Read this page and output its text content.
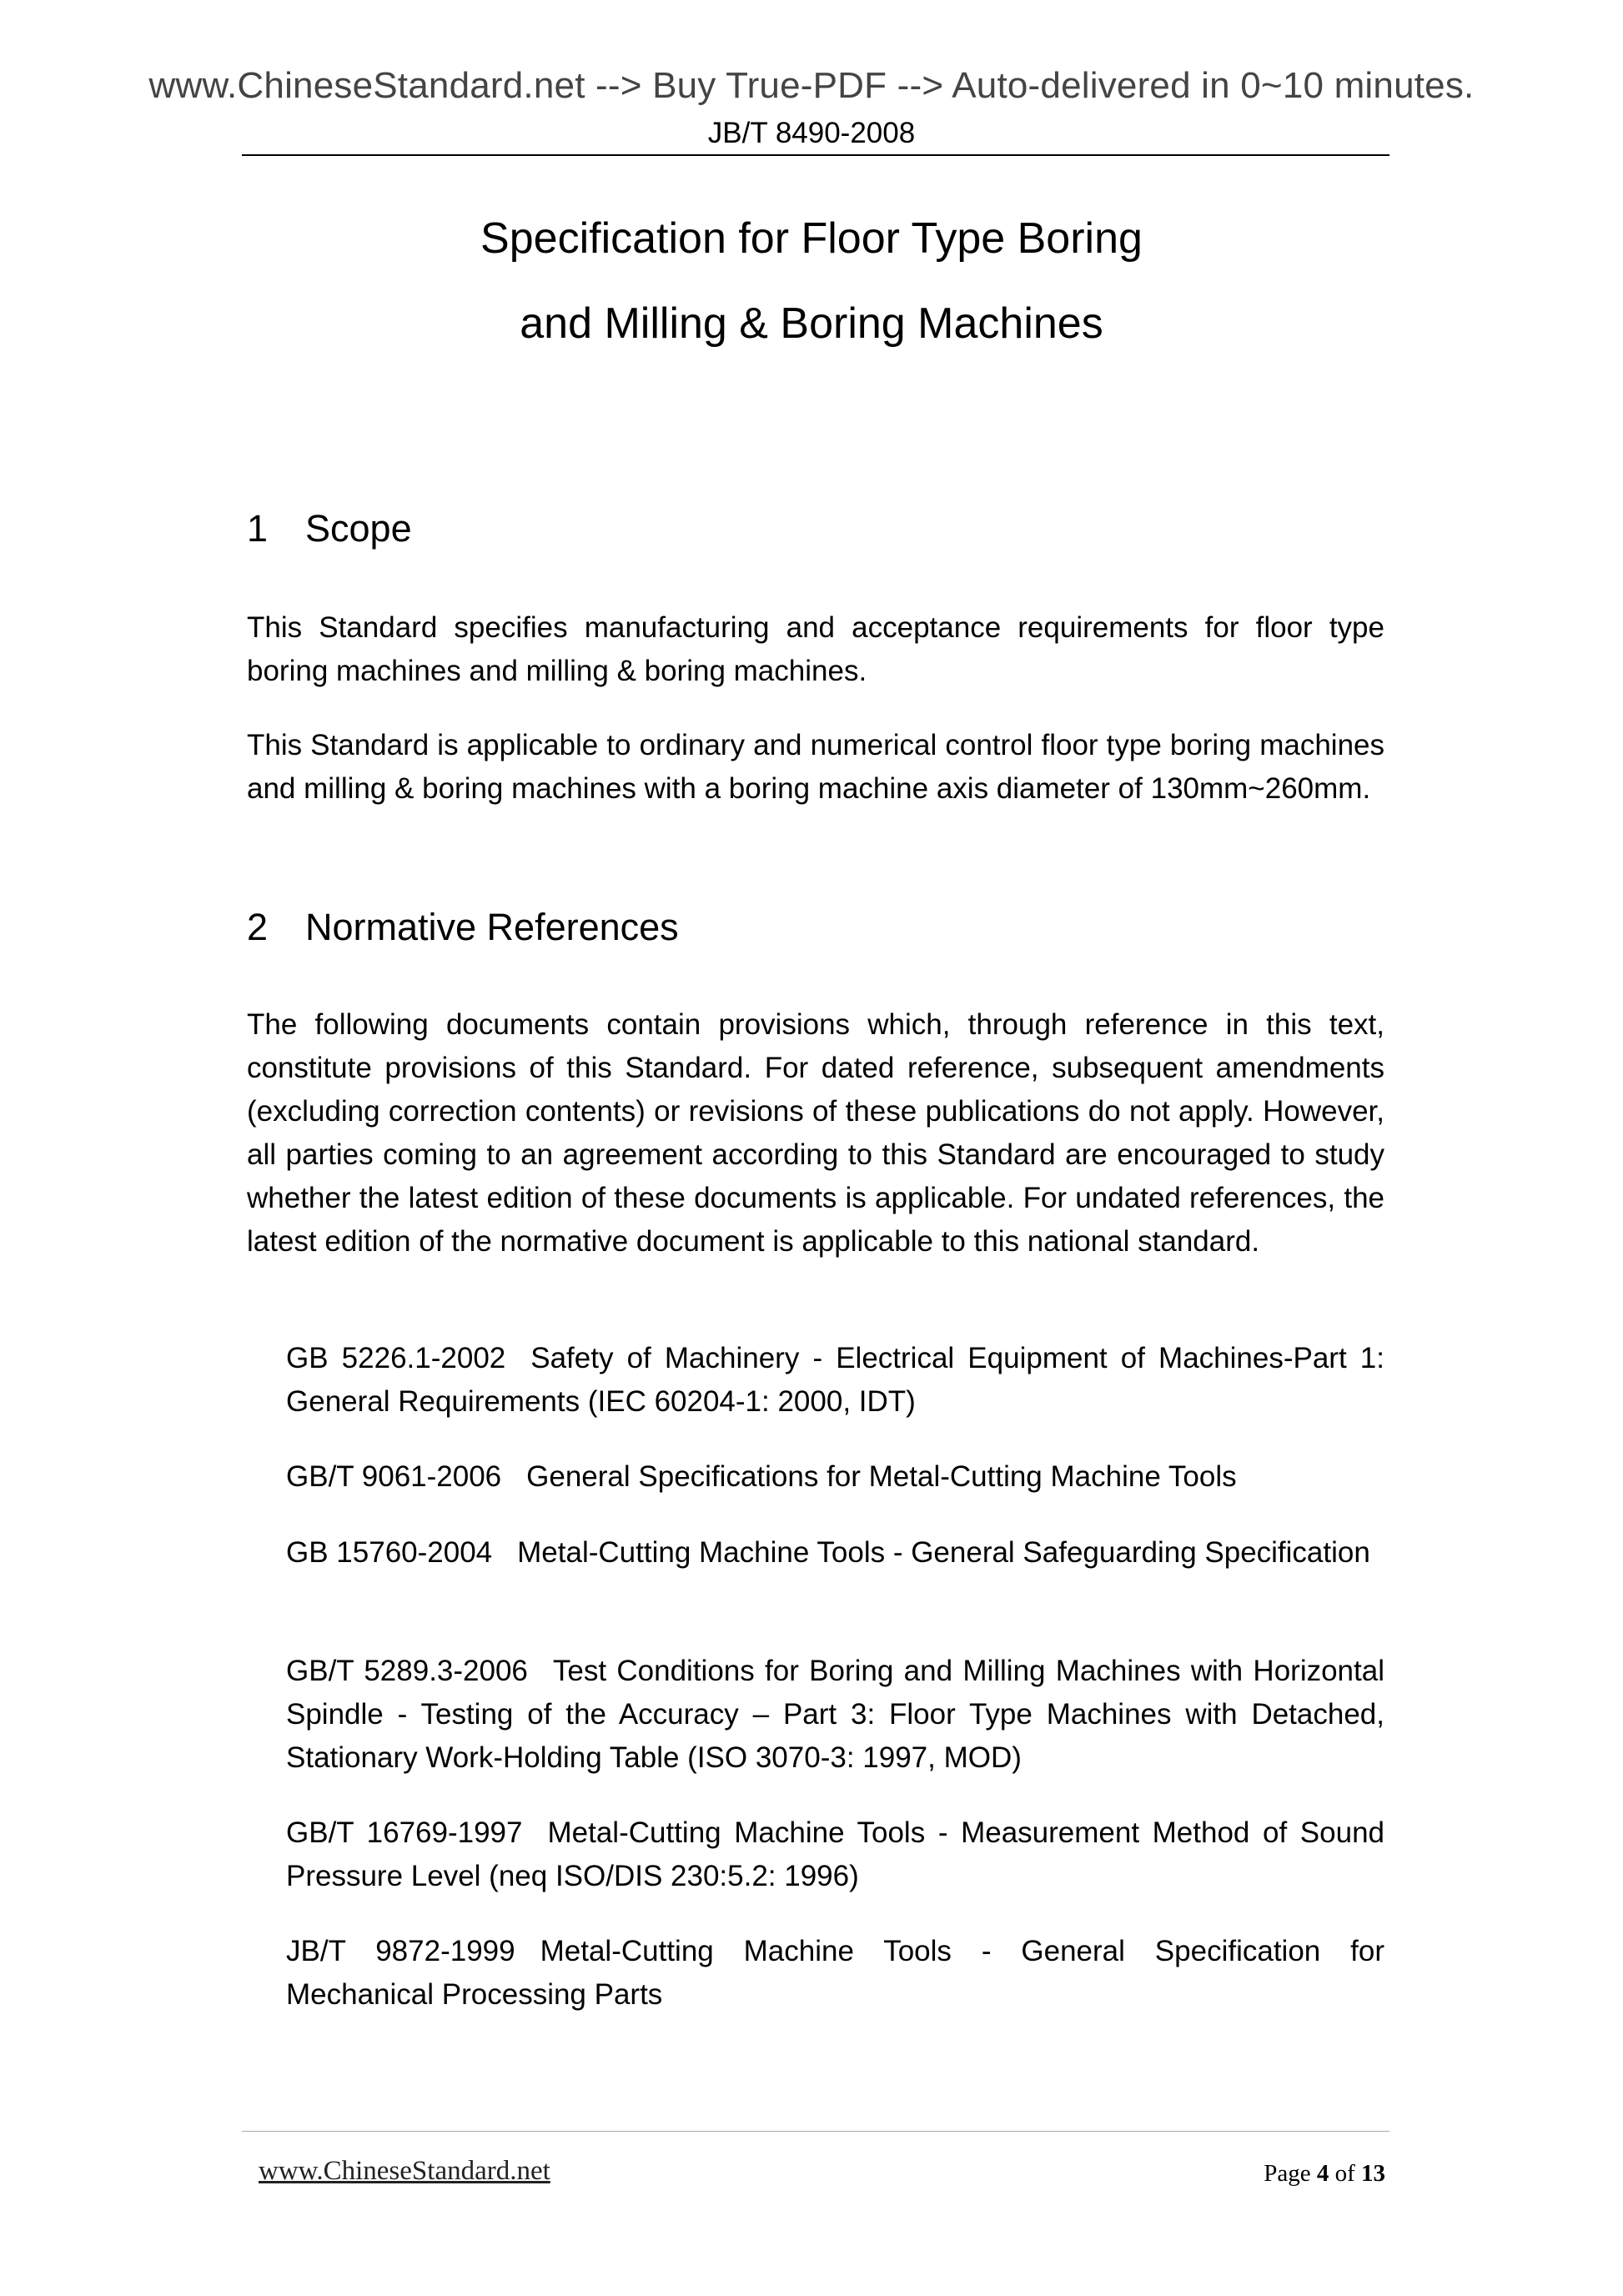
www.ChineseStandard.net --> Buy True-PDF --> Auto-delivered in 0~10 minutes.
JB/T 8490-2008
Specification for Floor Type Boring
and Milling & Boring Machines
1 Scope
This Standard specifies manufacturing and acceptance requirements for floor type boring machines and milling & boring machines.
This Standard is applicable to ordinary and numerical control floor type boring machines and milling & boring machines with a boring machine axis diameter of 130mm~260mm.
2 Normative References
The following documents contain provisions which, through reference in this text, constitute provisions of this Standard. For dated reference, subsequent amendments (excluding correction contents) or revisions of these publications do not apply. However, all parties coming to an agreement according to this Standard are encouraged to study whether the latest edition of these documents is applicable. For undated references, the latest edition of the normative document is applicable to this national standard.
GB 5226.1-2002 Safety of Machinery - Electrical Equipment of Machines-Part 1: General Requirements (IEC 60204-1: 2000, IDT)
GB/T 9061-2006 General Specifications for Metal-Cutting Machine Tools
GB 15760-2004 Metal-Cutting Machine Tools - General Safeguarding Specification
GB/T 5289.3-2006 Test Conditions for Boring and Milling Machines with Horizontal Spindle - Testing of the Accuracy – Part 3: Floor Type Machines with Detached, Stationary Work-Holding Table (ISO 3070-3: 1997, MOD)
GB/T 16769-1997 Metal-Cutting Machine Tools - Measurement Method of Sound Pressure Level (neq ISO/DIS 230:5.2: 1996)
JB/T 9872-1999 Metal-Cutting Machine Tools - General Specification for Mechanical Processing Parts
www.ChineseStandard.net	Page 4 of 13
